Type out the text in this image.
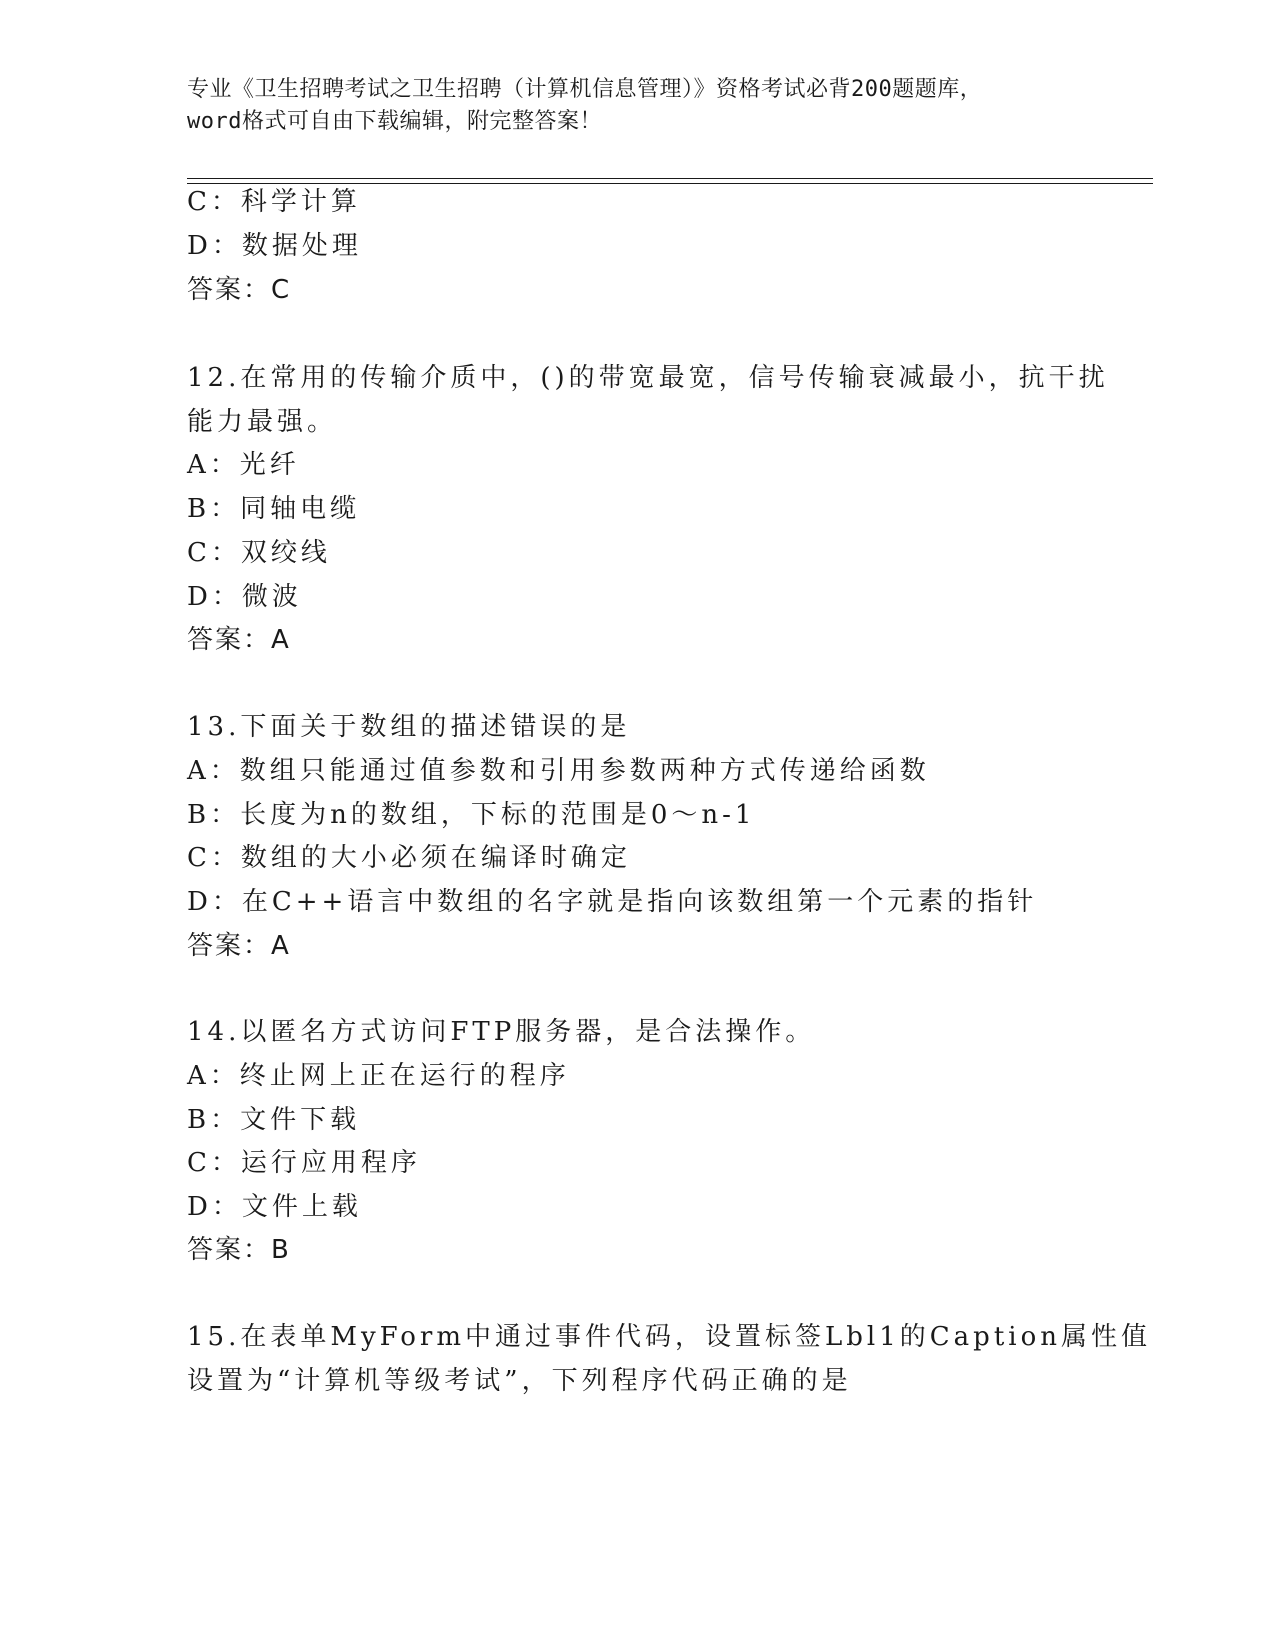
专业《卫生招聘考试之卫生招聘（计算机信息管理）》资格考试必背200题题库，
word格式可自由下载编辑，附完整答案！
C：科学计算
D：数据处理
答案：C
12.在常用的传输介质中，()的带宽最宽，信号传输衰减最小，抗干扰
能力最强。
A：光纤
B：同轴电缆
C：双绞线
D：微波
答案：A
13.下面关于数组的描述错误的是
A：数组只能通过值参数和引用参数两种方式传递给函数
B：长度为n的数组，下标的范围是0～n-1
C：数组的大小必须在编译时确定
D：在C++语言中数组的名字就是指向该数组第一个元素的指针
答案：A
14.以匿名方式访问FTP服务器，是合法操作。
A：终止网上正在运行的程序
B：文件下载
C：运行应用程序
D：文件上载
答案：B
15.在表单MyForm中通过事件代码，设置标签Lbl1的Caption属性值
设置为“计算机等级考试”，下列程序代码正确的是
